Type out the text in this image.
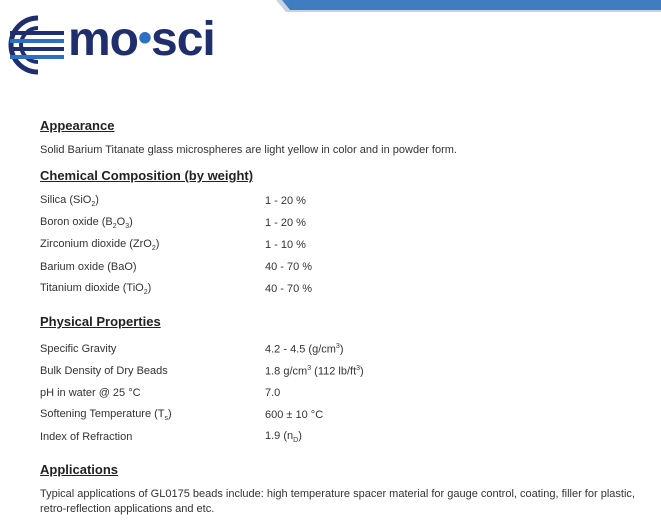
mo•sci
Appearance

Solid Barium Titanate glass microspheres are light yellow in color and in powder form.

Chemical Composition (by weight)
Silica (SiO$_2$)	1 - 20 %
Boron oxide $(B_2O_3)$	1 - 20 %
Zirconium dioxide (ZrO$_2$)	1 - 10 %
Barium oxide (BaO)	40 - 70 %
Titanium dioxide (TiO$_2$)	40 - 70 %
Physical Properties
Specific Gravity	4.2 - 4.5 $(g/cm^3)$
Bulk Density of Dry Beads	1.8 $g/cm^3$ (112 $lb/ft^3$)
pH in water @ 25 °C	7.0
Softening Temperature $(T_s)$	600 ± 10 °C
Index of Refraction	1.9 $(n_D)$
Applications

Typical applications of GL0175 beads include: high temperature spacer material for gauge control, coating, filler for plastic, retro-reflection applications and etc.
